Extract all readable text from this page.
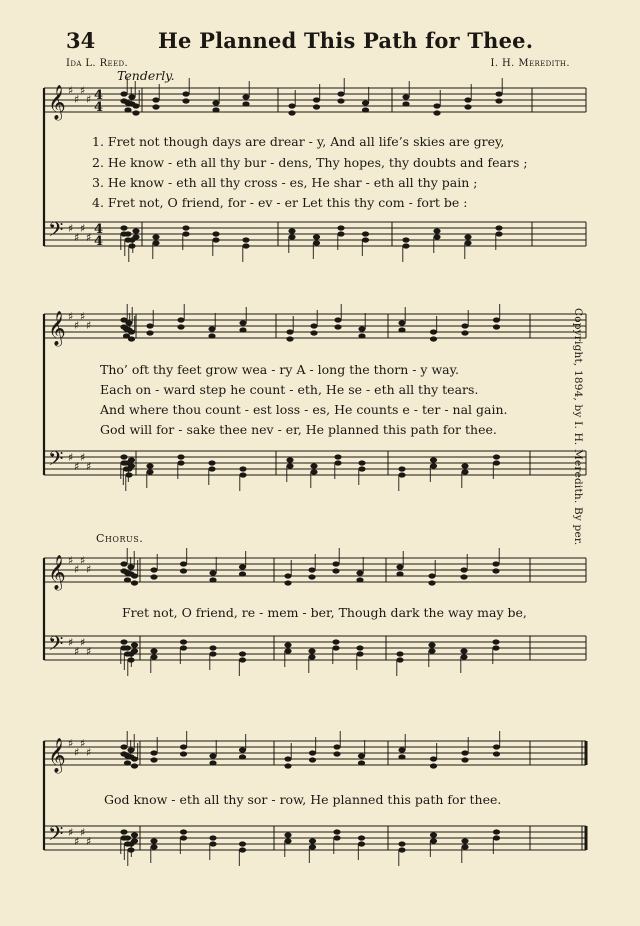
34	He Planned This Path for Thee.
Ida L. Reed.	I. H. Meredith.
Tenderly.
𝄞
𝄢
♯
♯
♯
♯
♯
♯
♯
♯
4
4
4
4
𝄞
𝄢
♯
♯
♯
♯
♯
♯
♯
♯
𝄞
𝄢
♯
♯
♯
♯
♯
♯
♯
♯
𝄞
𝄢
♯
♯
♯
♯
♯
♯
♯
♯
1. Fret not though days are drear - y, And all life’s skies are grey,
2. He know - eth all thy bur - dens, Thy hopes, thy doubts and fears ;
3. He know - eth all thy cross - es, He shar - eth all thy pain ;
4. Fret not, O friend, for - ev - er Let this thy com - fort be :
Tho’ oft thy feet grow wea - ry A - long the thorn - y way.
Each on - ward step he count - eth, He se - eth all thy tears.
And where thou count - est loss - es, He counts e - ter - nal gain.
God will for - sake thee nev - er, He planned this path for thee.
Chorus.
Fret not, O friend, re - mem - ber, Though dark the way may be,
God know - eth all thy sor - row, He planned this path for thee.
Copyright, 1894, by I. H. Meredith. By per.
